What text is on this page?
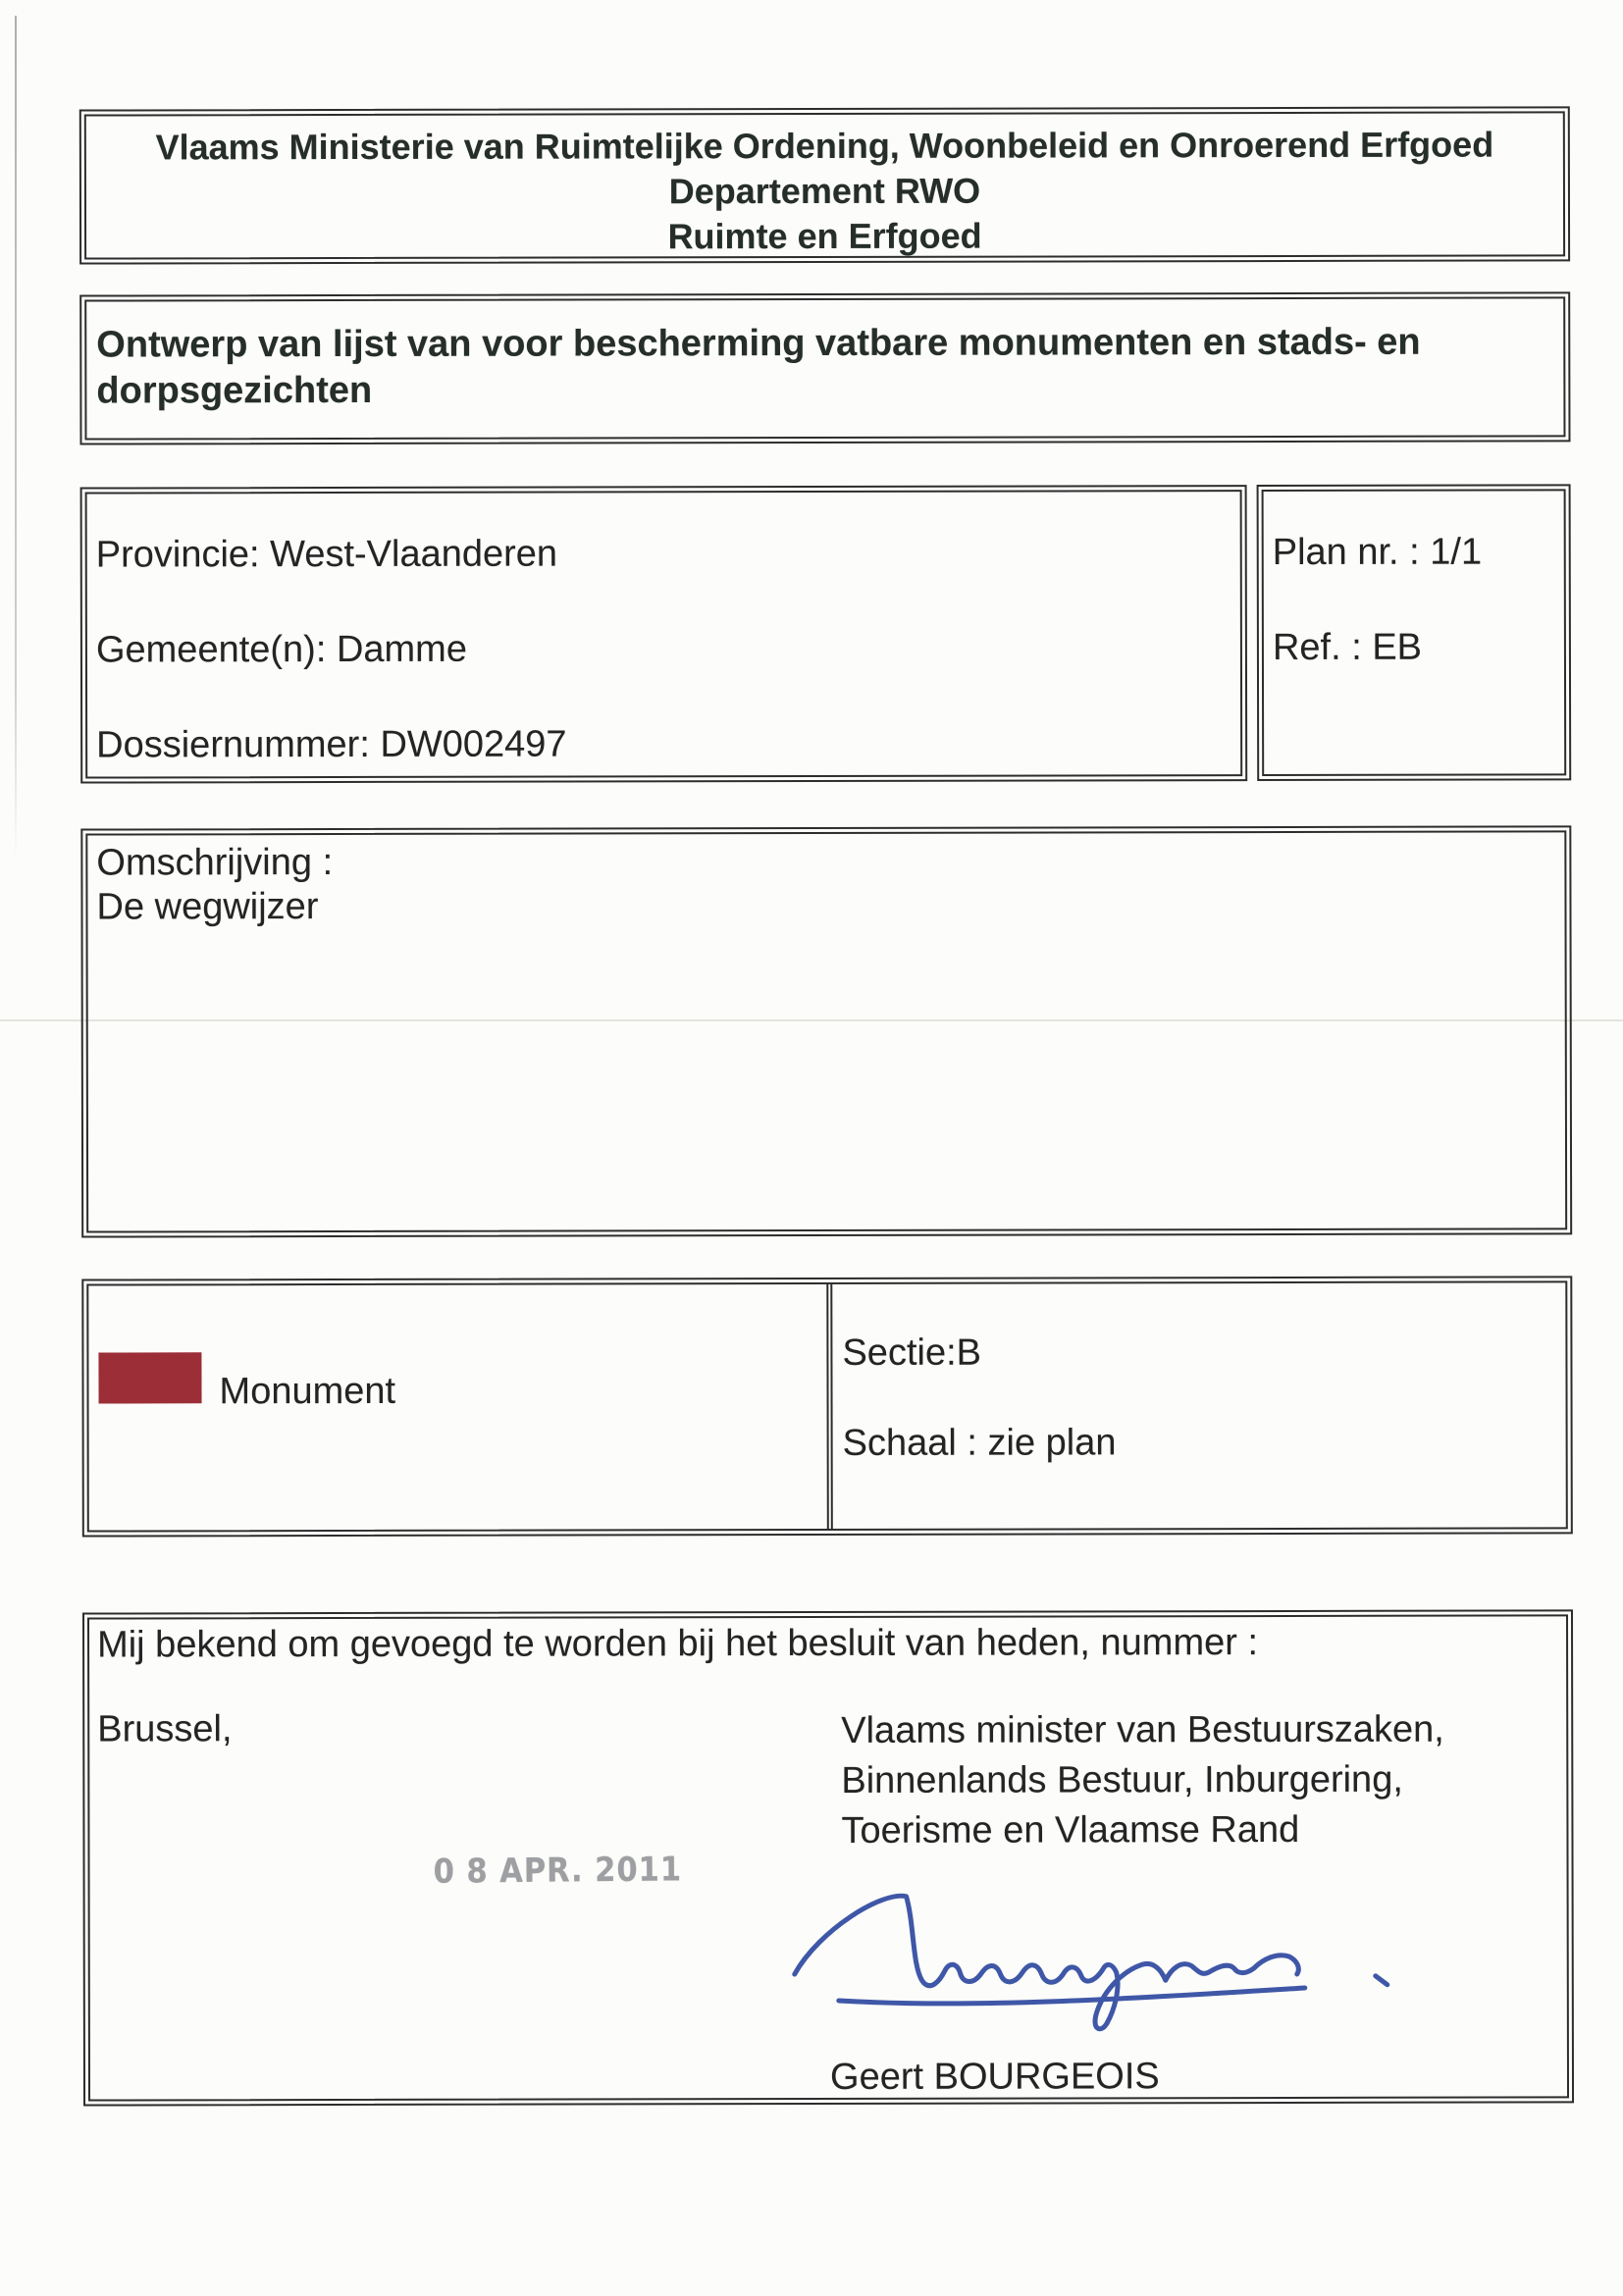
Vlaams Ministerie van Ruimtelijke Ordening, Woonbeleid en Onroerend Erfgoed
Departement RWO
Ruimte en Erfgoed
Ontwerp van lijst van voor bescherming vatbare monumenten en stads- en
dorpsgezichten

Provincie: West-Vlaanderen

Gemeente(n): Damme

Dossiernummer: DW002497

Plan nr. : 1/1

Ref. : EB

Omschrijving :

De wegwijzer

Monument
Sectie:B
Schaal : zie plan
Mij bekend om gevoegd te worden bij het besluit van heden, nummer :
Brussel,	Vlaams minister van Bestuurszaken,
Binnenlands Bestuur, Inburgering,
Toerisme en Vlaamse Rand
0 8 APR. 2011
Geert BOURGEOIS
